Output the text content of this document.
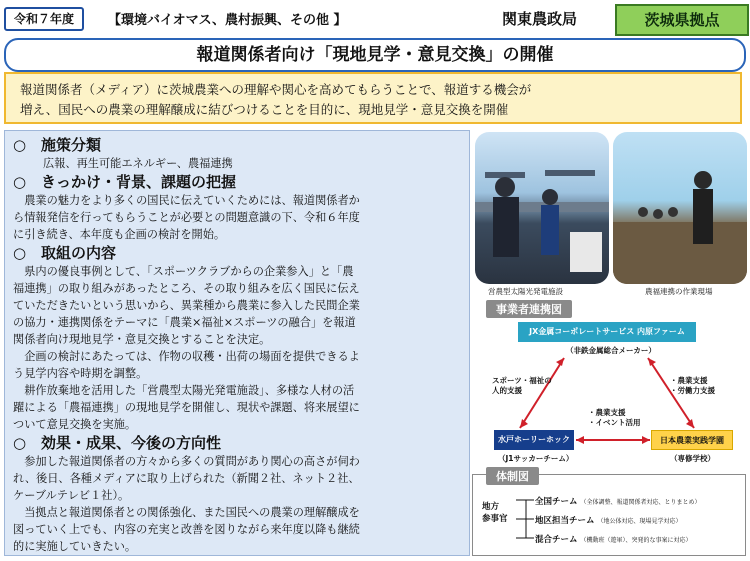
令和７年度	【環境バイオマス、農村振興、その他 】	関東農政局	茨城県拠点
報道関係者向け「現地見学・意見交換」の開催
報道関係者（メディア）に茨城農業への理解や関心を高めてもらうことで、報道する機会が
増え、国民への農業の理解醸成に結びつけることを目的に、現地見学・意見交換を開催

○ 施策分類

広報、再生可能エネルギー、農福連携

○ きっかけ・背景、課題の把握

農業の魅力をより多くの国民に伝えていくためには、報道関係者か

ら情報発信を行ってもらうことが必要との問題意識の下、令和６年度

に引き続き、本年度も企画の検討を開始。

○ 取組の内容

県内の優良事例として、「スポーツクラブからの企業参入」と「農

福連携」の取り組みがあったところ、その取り組みを広く国民に伝え

ていただきたいという思いから、異業種から農業に参入した民間企業

の協力・連携関係をテーマに「農業×福祉×スポーツの融合」を報道

関係者向け現地見学・意見交換とすることを決定。

企画の検討にあたっては、作物の収穫・出荷の場面を提供できるよ

う見学内容や時期を調整。

耕作放棄地を活用した「営農型太陽光発電施設」、多様な人材の活

躍による「農福連携」の現地見学を開催し、現状や課題、将来展望に

ついて意見交換を実施。

○ 効果・成果、今後の方向性

参加した報道関係者の方々から多くの質問があり関心の高さが伺わ

れ、後日、各種メディアに取り上げられた（新聞２社、ネット２社、

ケーブルテレビ１社）。

当拠点と報道関係者との関係強化、また国民への農業の理解醸成を

図っていく上でも、内容の充実と改善を図りながら来年度以降も継続

的に実施していきたい。

営農型太陽光発電施設	農福連携の作業現場
事業者連携図
JX金属コーポレートサービス 内原ファーム
（非鉄金属総合メーカー）
スポーツ・福祉の
人的支援
・農業支援
・労働力支援
・農業支援
・イベント活用
水戸ホーリーホック
（J1サッカーチーム）
日本農業実践学園
（専修学校）
体制図
地方
参事官
全国チーム （全体調整、報道関係者対応、とりまとめ）
地区担当チーム （地公体対応、現場見学対応）
混合チーム （機動班（遊軍）、突発的な事案に対応）
